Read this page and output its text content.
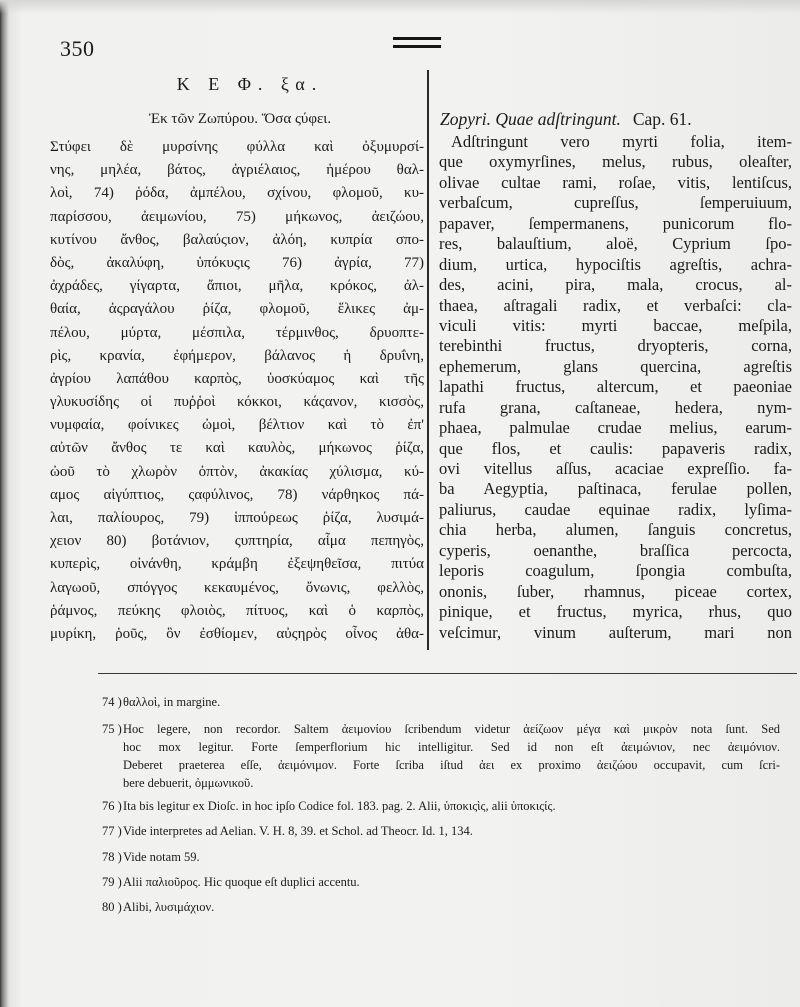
350
Κ Ε Φ. ξα.
Ἐκ τῶν Ζωπύρου. Ὅσα ςύφει.
Στύφει δὲ μυρσίνης φύλλα καὶ ὀξυμυρσί-
νης, μηλέα, βάτος, ἀγριέλαιος, ἡμέρου θαλ-
λοὶ, 74) ῥόδα, ἀμπέλου, σχίνου, φλομοῦ, κυ-
παρίσσου, ἀειμωνίου, 75) μήκωνος, ἀειζώου,
κυτίνου ἄνθος, βαλαύςιον, ἀλόη, κυπρία σπο-
δὸς, ἀκαλύφη, ὑπόκυςις 76) ἀγρία, 77)
ἀχράδες, γίγαρτα, ἄπιοι, μῆλα, κρόκος, ἀλ-
θαία, ἀςραγάλου ῥίζα, φλομοῦ, ἕλικες ἀμ-
πέλου, μύρτα, μέσπιλα, τέρμινθος, δρυοπτε-
ρὶς, κρανία, ἐφήμερον, βάλανος ἡ δρυΐνη,
ἀγρίου λαπάθου καρπὸς, ὑοσκύαμος καὶ τῆς
γλυκυσίδης οἱ πυῤῥοὶ κόκκοι, κάςανον, κισσὸς,
νυμφαία, φοίνικες ὠμοὶ, βέλτιον καὶ τὸ ἐπ'
αὐτῶν ἄνθος τε καὶ καυλὸς, μήκωνος ῥίζα,
ὠοῦ τὸ χλωρὸν ὀπτὸν, ἀκακίας χύλισμα, κύ-
αμος αἰγύπτιος, ςαφύλινος, 78) νάρθηκος πά-
λαι, παλίουρος, 79) ἱππούρεως ῥίζα, λυσιμά-
χειον 80) βοτάνιον, ςυπτηρία, αἷμα πεπηγὸς,
κυπερὶς, οἰνάνθη, κράμβη ἐξεψηθεῖσα, πιτύα
λαγωοῦ, σπόγγος κεκαυμένος, ὄνωνις, φελλὸς,
ῥάμνος, πεύκης φλοιὸς, πίτυος, καὶ ὁ καρπὸς,
μυρίκη, ῥοῦς, ὃν ἐσθίομεν, αὐςηρὸς οἶνος ἀθα-
Zopyri. Quae adſtringunt. Cap. 61.
Adſtringunt vero myrti folia, item-
que oxymyrſines, melus, rubus, oleaſter,
olivae cultae rami, roſae, vitis, lentiſcus,
verbaſcum, cupreſſus, ſemperuiuum,
papaver, ſempermanens, punicorum flo-
res, balauſtium, aloë, Cyprium ſpo-
dium, urtica, hypociſtis agreſtis, achra-
des, acini, pira, mala, crocus, al-
thaea, aſtragali radix, et verbaſci: cla-
viculi vitis: myrti baccae, meſpila,
terebinthi fructus, dryopteris, corna,
ephemerum, glans quercina, agreſtis
lapathi fructus, altercum, et paeoniae
rufa grana, caſtaneae, hedera, nym-
phaea, palmulae crudae melius, earum-
que flos, et caulis: papaveris radix,
ovi vitellus aſſus, acaciae expreſſio. fa-
ba Aegyptia, paſtinaca, ferulae pollen,
paliurus, caudae equinae radix, lyſima-
chia herba, alumen, ſanguis concretus,
cyperis, oenanthe, braſſica percocta,
leporis coagulum, ſpongia combuſta,
ononis, ſuber, rhamnus, piceae cortex,
pinique, et fructus, myrica, rhus, quo
veſcimur, vinum auſterum, mari non
74 ) θαλλοὶ, in margine.
75 ) Hoc legere, non recordor. Saltem ἀειμονίου ſcribendum videtur ἀείζωον μέγα καὶ μικρὸν nota ſunt. Sed
hoc mox legitur. Forte ſemperflorium hic intelligitur. Sed id non eſt ἀειμώνιον, nec ἀειμόνιον.
Deberet praeterea eſſe, ἀειμόνιμον. Forte ſcriba iſtud ἀει ex proximo ἀειζώου occupavit, cum ſcri-
bere debuerit, ὀμμωνικοῦ.
76 ) Ita bis legitur ex Dioſc. in hoc ipſo Codice fol. 183. pag. 2. Alii, ὑποκιςὶς, alii ὑποκιςίς.
77 ) Vide interpretes ad Aelian. V. H. 8, 39. et Schol. ad Theocr. Id. 1, 134.
78 ) Vide notam 59.
79 ) Alii παλιοῦρος. Hic quoque eſt duplici accentu.
80 ) Alibi, λυσιμάχιον.
